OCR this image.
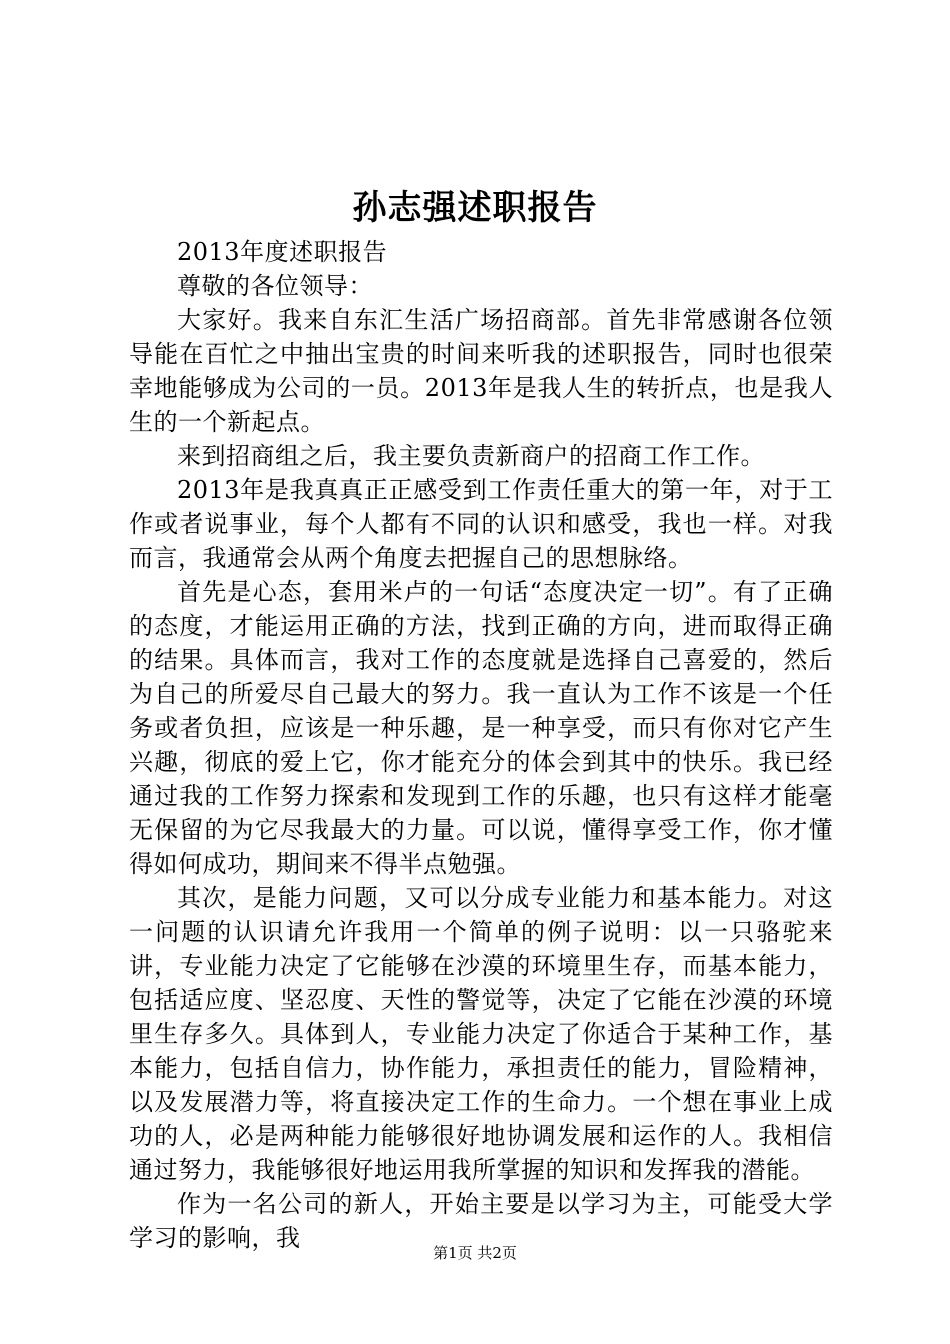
孙志强述职报告

2013年度述职报告

尊敬的各位领导：

大家好。我来自东汇生活广场招商部。首先非常感谢各位领导能在百忙之中抽出宝贵的时间来听我的述职报告，同时也很荣幸地能够成为公司的一员。2013年是我人生的转折点，也是我人生的一个新起点。

来到招商组之后，我主要负责新商户的招商工作工作。

2013年是我真真正正感受到工作责任重大的第一年，对于工作或者说事业，每个人都有不同的认识和感受，我也一样。对我而言，我通常会从两个角度去把握自己的思想脉络。

首先是心态，套用米卢的一句话“态度决定一切”。有了正确的态度，才能运用正确的方法，找到正确的方向，进而取得正确的结果。具体而言，我对工作的态度就是选择自己喜爱的，然后为自己的所爱尽自己最大的努力。我一直认为工作不该是一个任务或者负担，应该是一种乐趣，是一种享受，而只有你对它产生兴趣，彻底的爱上它，你才能充分的体会到其中的快乐。我已经通过我的工作努力探索和发现到工作的乐趣，也只有这样才能毫无保留的为它尽我最大的力量。可以说，懂得享受工作，你才懂得如何成功，期间来不得半点勉强。

其次，是能力问题，又可以分成专业能力和基本能力。对这一问题的认识请允许我用一个简单的例子说明：以一只骆驼来讲，专业能力决定了它能够在沙漠的环境里生存，而基本能力，包括适应度、坚忍度、天性的警觉等，决定了它能在沙漠的环境里生存多久。具体到人，专业能力决定了你适合于某种工作，基本能力，包括自信力，协作能力，承担责任的能力，冒险精神，以及发展潜力等，将直接决定工作的生命力。一个想在事业上成功的人，必是两种能力能够很好地协调发展和运作的人。我相信通过努力，我能够很好地运用我所掌握的知识和发挥我的潜能。

作为一名公司的新人，开始主要是以学习为主，可能受大学学习的影响，我

第1页 共2页
